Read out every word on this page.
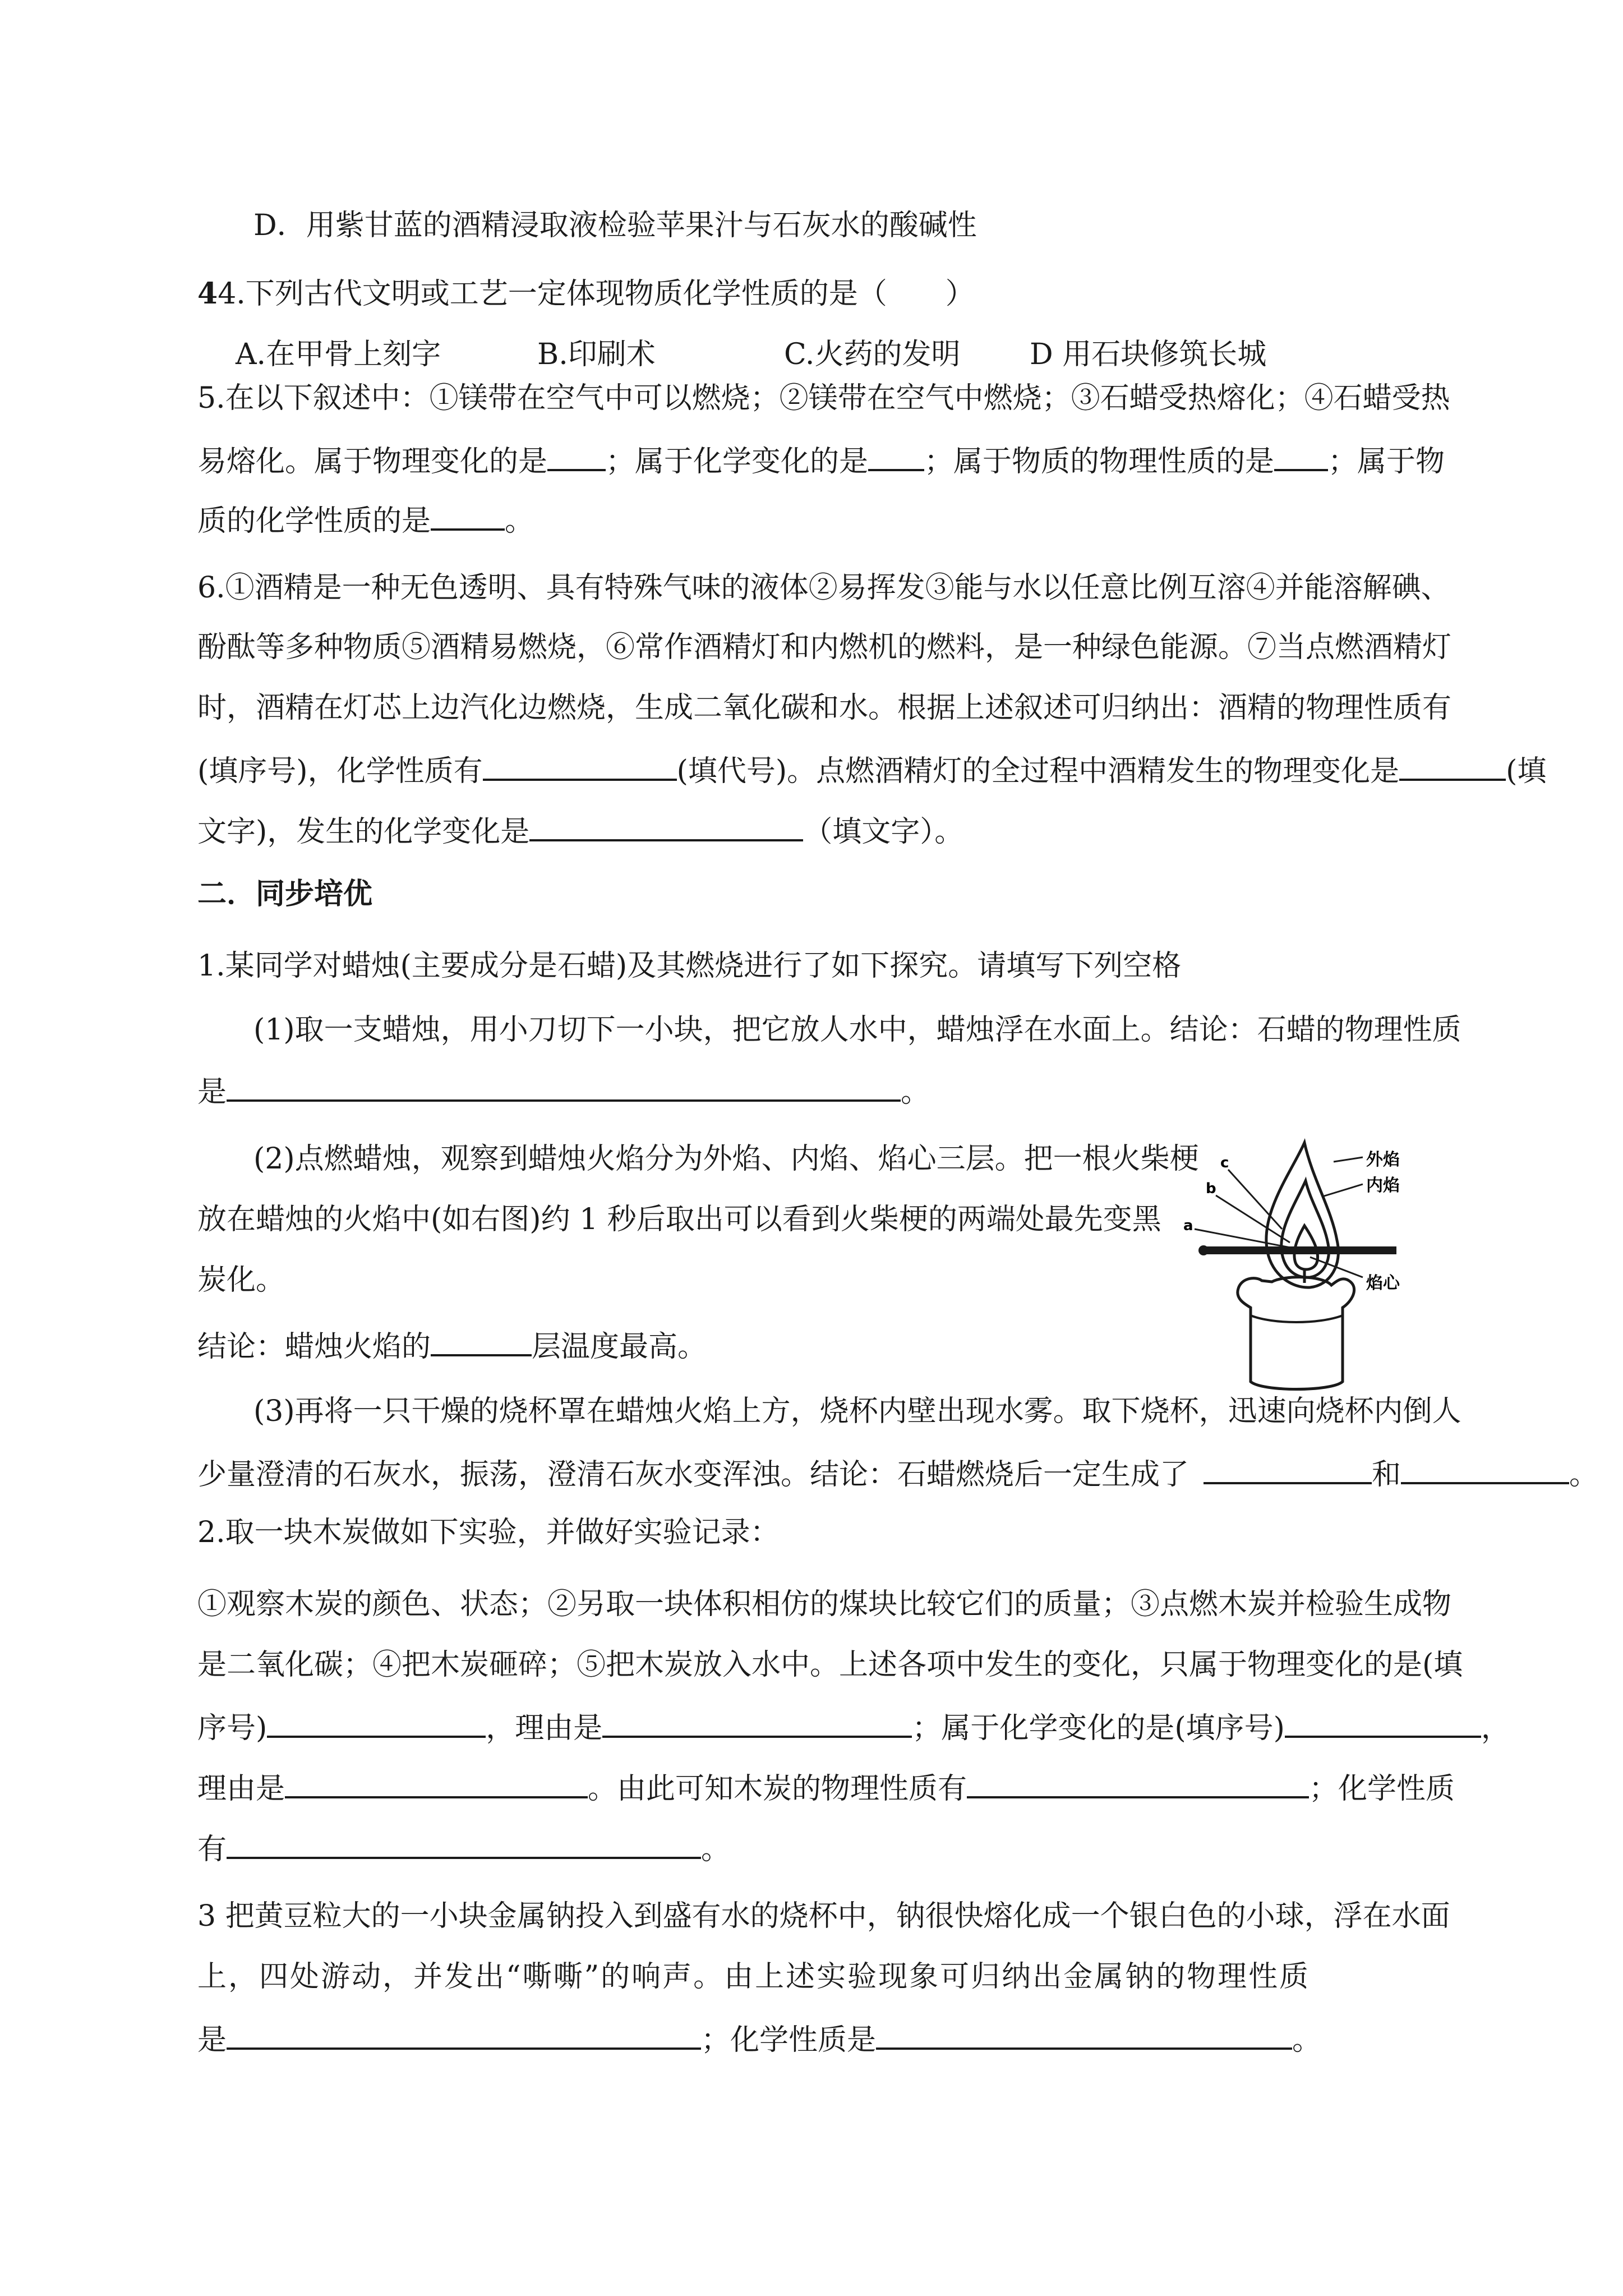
D．用紫甘蓝的酒精浸取液检验苹果汁与石灰水的酸碱性
44.下列古代文明或工艺一定体现物质化学性质的是（　　）
A.在甲骨上刻字	B.印刷术	C.火药的发明 D 用石块修筑长城
5.在以下叙述中：①镁带在空气中可以燃烧；②镁带在空气中燃烧；③石蜡受热熔化；④石蜡受热
易熔化。属于物理变化的是 ；属于化学变化的是 ；属于物质的物理性质的是 ；属于物
质的化学性质的是	。
6.①酒精是一种无色透明、具有特殊气味的液体②易挥发③能与水以任意比例互溶④并能溶解碘、
酚酞等多种物质⑤酒精易燃烧，⑥常作酒精灯和内燃机的燃料，是一种绿色能源。⑦当点燃酒精灯
时，酒精在灯芯上边汽化边燃烧，生成二氧化碳和水。根据上述叙述可归纳出：酒精的物理性质有
(填序号)，化学性质有	(填代号)。点燃酒精灯的全过程中酒精发生的物理变化是	(填
文字)，发生的化学变化是	（填文字）。
二．同步培优
1.某同学对蜡烛(主要成分是石蜡)及其燃烧进行了如下探究。请填写下列空格
(1)取一支蜡烛，用小刀切下一小块，把它放人水中，蜡烛浮在水面上。结论：石蜡的物理性质
是	。
(2)点燃蜡烛，观察到蜡烛火焰分为外焰、内焰、焰心三层。把一根火柴梗
放在蜡烛的火焰中(如右图)约 1 秒后取出可以看到火柴梗的两端处最先变黑
炭化。
结论：蜡烛火焰的	层温度最高。
(3)再将一只干燥的烧杯罩在蜡烛火焰上方，烧杯内壁出现水雾。取下烧杯，迅速向烧杯内倒人
少量澄清的石灰水，振荡，澄清石灰水变浑浊。结论：石蜡燃烧后一定生成了	和	。
外焰
内焰
焰心
c
b
a
2.取一块木炭做如下实验，并做好实验记录：
①观察木炭的颜色、状态；②另取一块体积相仿的煤块比较它们的质量；③点燃木炭并检验生成物
是二氧化碳；④把木炭砸碎；⑤把木炭放入水中。上述各项中发生的变化，只属于物理变化的是(填
序号)	，理由是	；属于化学变化的是(填序号)	，
理由是	。由此可知木炭的物理性质有	；化学性质
有	。
3 把黄豆粒大的一小块金属钠投入到盛有水的烧杯中，钠很快熔化成一个银白色的小球，浮在水面
上，四处游动，并发出“嘶嘶”的响声。由上述实验现象可归纳出金属钠的物理性质
是	；化学性质是	。
